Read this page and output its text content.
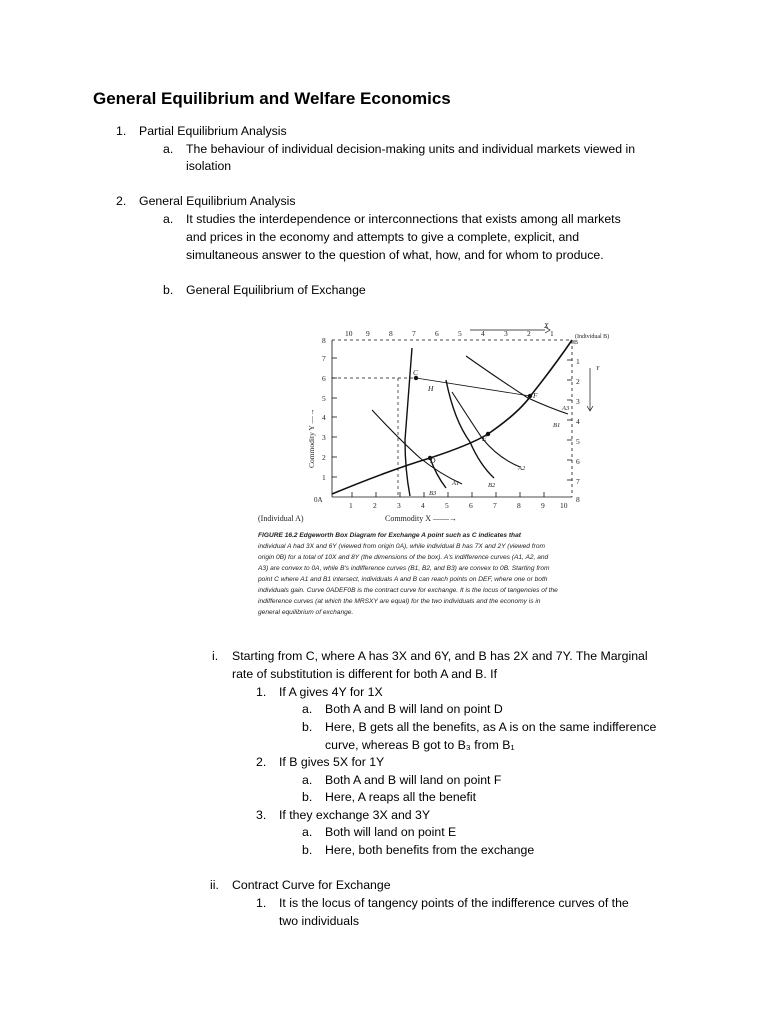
General Equilibrium and Welfare Economics
1. Partial Equilibrium Analysis
a. The behaviour of individual decision-making units and individual markets viewed in
isolation
2. General Equilibrium Analysis
a. It studies the interdependence or interconnections that exists among all markets
and prices in the economy and attempts to give a complete, explicit, and
simultaneous answer to the question of what, how, and for whom to produce.
b. General Equilibrium of Exchange
1	2	3	4	5	6	7	8	9 10
10 9	8	7	6	5	4	3	2	1
8
7
6
5
4
3
2
1
1
2
3
4
5
6
7
8
X
Y
(Individual B)
0B
0A
(Individual A)	Commodity X ——→
Commodity Y —→
C
H
F
E
D
A1
A2
A3
B1
B2
B3
FIGURE 16.2 Edgeworth Box Diagram for Exchange A point such as C indicates that
individual A had 3X and 6Y (viewed from origin 0A), while individual B has 7X and 2Y (viewed from
origin 0B) for a total of 10X and 8Y (the dimensions of the box). A's indifference curves (A1, A2, and
A3) are convex to 0A, while B's indifference curves (B1, B2, and B3) are convex to 0B. Starting from
point C where A1 and B1 intersect, individuals A and B can reach points on DEF, where one or both
individuals gain. Curve 0ADEF0B is the contract curve for exchange. It is the locus of tangencies of the
indifference curves (at which the MRSXY are equal) for the two individuals and the economy is in
general equilibrium of exchange.
i. Starting from C, where A has 3X and 6Y, and B has 2X and 7Y. The Marginal
rate of substitution is different for both A and B. If
1. If A gives 4Y for 1X
a. Both A and B will land on point D
b. Here, B gets all the benefits, as A is on the same indifference
curve, whereas B got to B₃ from B₁
2. If B gives 5X for 1Y
a. Both A and B will land on point F
b. Here, A reaps all the benefit
3. If they exchange 3X and 3Y
a. Both will land on point E
b. Here, both benefits from the exchange
ii. Contract Curve for Exchange
1. It is the locus of tangency points of the indifference curves of the
two individuals
